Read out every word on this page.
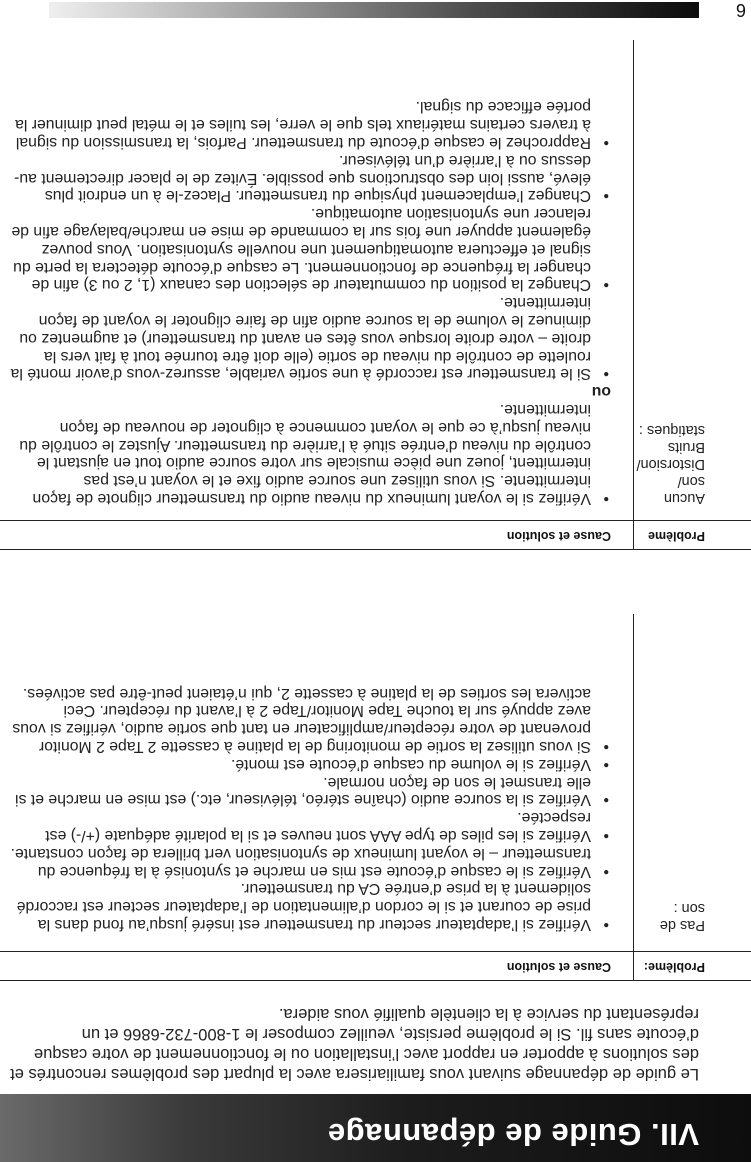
VII. Guide de dépannage

Le guide de dépannage suivant vous familiarisera avec la plupart des problèmes rencontrés et des solutions à apporter en rapport avec l’installation ou le fonctionnement de votre casque d’écoute sans fil. Si le problème persiste, veuillez composer le 1-800-732-6866 et un représentant du service à la clientèle qualifié vous aidera.

Problème:
Cause et solution
Pas de son :
• Vérifiez si l’adaptateur secteur du transmetteur est inséré jusqu’au fond dans la prise de courant et si le cordon d’alimentation de l’adaptateur secteur est raccordé solidement à la prise d’entrée CA du transmetteur.
• Vérifiez si le casque d’écoute est mis en marche et syntonisé à la fréquence du transmetteur – le voyant lumineux de syntonisation vert brillera de façon constante.
• Vérifiez si les piles de type AAA sont neuves et si la polarité adéquate (+/-) est respectée.
• Vérifiez si la source audio (chaîne stéréo, téléviseur, etc.) est mise en marche et si elle transmet le son de façon normale.
• Vérifiez si le volume du casque d’écoute est monté.
• Si vous utilisez la sortie de monitoring de la platine à cassette 2 Tape 2 Monitor provenant de votre récepteur/amplificateur en tant que sortie audio, vérifiez si vous avez appuyé sur la touche Tape Monitor/Tape 2 à l’avant du récepteur. Ceci activera les sorties de la platine à cassette 2, qui n’étaient peut-être pas activées.
Problème
Cause et solution
Aucun son/ Distorsion/ Bruits statiques :
• Vérifiez si le voyant lumineux du niveau audio du transmetteur clignote de façon intermittente. Si vous utilisez une source audio fixe et le voyant n’est pas intermittent, jouez une pièce musicale sur votre source audio tout en ajustant le contrôle du niveau d’entrée situé à l’arrière du transmetteur. Ajustez le contrôle du niveau jusqu’à ce que le voyant commence à clignoter de nouveau de façon intermittente.
ou
• Si le transmetteur est raccordé à une sortie variable, assurez-vous d’avoir monté la roulette de contrôle du niveau de sortie (elle doit être tournée tout à fait vers la droite – votre droite lorsque vous êtes en avant du transmetteur) et augmentez ou diminuez le volume de la source audio afin de faire clignoter le voyant de façon intermittente.
• Changez la position du commutateur de sélection des canaux (1, 2 ou 3) afin de changer la fréquence de fonctionnement. Le casque d’écoute détectera la perte du signal et effectuera automatiquement une nouvelle syntonisation. Vous pouvez également appuyer une fois sur la commande de mise en marche/balayage afin de relancer une syntonisation automatique.
• Changez l’emplacement physique du transmetteur. Placez-le à un endroit plus élevé, aussi loin des obstructions que possible. Évitez de le placer directement au-dessus ou à l’arrière d’un téléviseur.
• Rapprochez le casque d’écoute du transmetteur. Parfois, la transmission du signal à travers certains matériaux tels que le verre, les tuiles et le métal peut diminuer la portée efficace du signal.
6
